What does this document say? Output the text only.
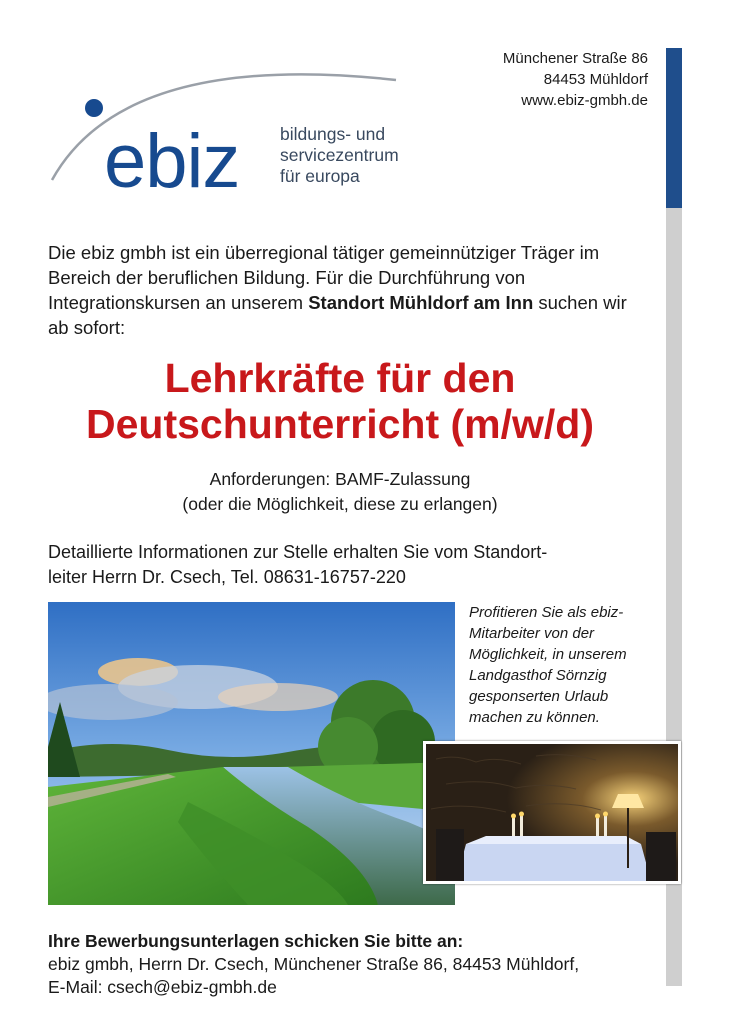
ebiz bildungs- und
servicezentrum
für europa
Münchener Straße 86
84453 Mühldorf
www.ebiz-gmbh.de
Die ebiz gmbh ist ein überregional tätiger gemeinnütziger Träger im Bereich der beruflichen Bildung. Für die Durchführung von Integrationskursen an unserem Standort Mühldorf am Inn suchen wir ab sofort:
Lehrkräfte für den
Deutschunterricht (m/w/d)
Anforderungen: BAMF-Zulassung
(oder die Möglichkeit, diese zu erlangen)
Detaillierte Informationen zur Stelle erhalten Sie vom Standort-
leiter Herrn Dr. Csech, Tel. 08631-16757-220
Profitieren Sie als ebiz-
Mitarbeiter von der
Möglichkeit, in unserem
Landgasthof Sörnzig
gesponserten Urlaub
machen zu können.
Ihre Bewerbungsunterlagen schicken Sie bitte an:
ebiz gmbh, Herrn Dr. Csech, Münchener Straße 86, 84453 Mühldorf,
E-Mail: csech@ebiz-gmbh.de
